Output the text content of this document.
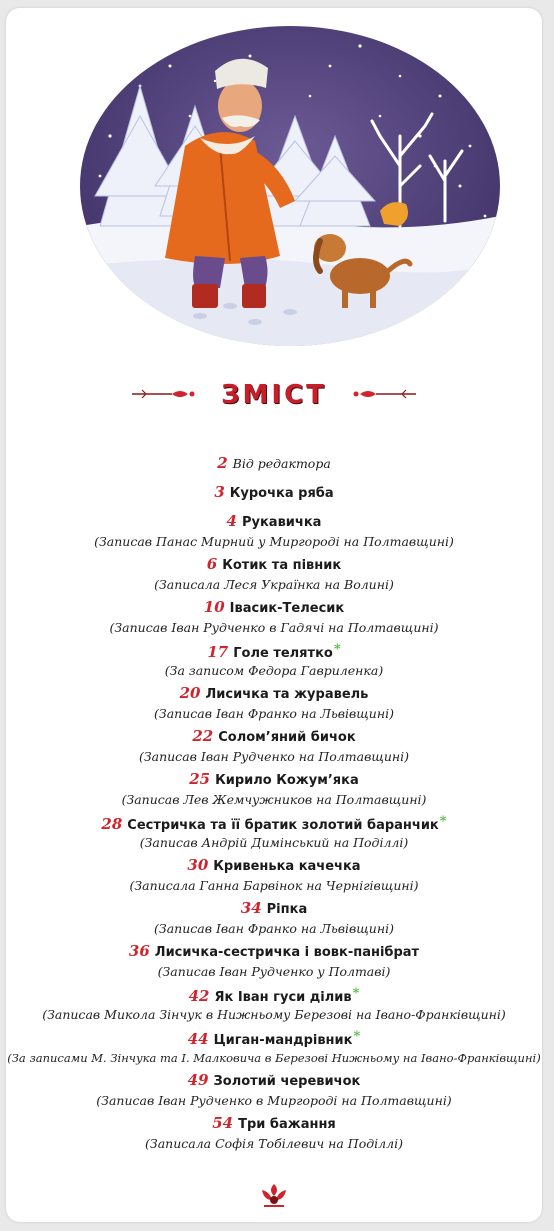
ЗМІСТ
2 Від редактора
3 Курочка ряба
4 Рукавичка
(Записав Панас Мирний у Миргороді на Полтавщині)
6 Котик та півник
(Записала Леся Українка на Волині)
10 Івасик-Телесик
(Записав Іван Рудченко в Гадячі на Полтавщині)
17 Голе телятко*
(За записом Федора Гавриленка)
20 Лисичка та журавель
(Записав Іван Франко на Львівщині)
22 Солом’яний бичок
(Записав Іван Рудченко на Полтавщині)
25 Кирило Кожум’яка
(Записав Лев Жемчужников на Полтавщині)
28 Сестричка та її братик золотий баранчик*
(Записав Андрій Димінський на Поділлі)
30 Кривенька качечка
(Записала Ганна Барвінок на Чернігівщині)
34 Ріпка
(Записав Іван Франко на Львівщині)
36 Лисичка-сестричка і вовк-панібрат
(Записав Іван Рудченко у Полтаві)
42 Як Іван гуси ділив*
(Записав Микола Зінчук в Нижньому Березові на Івано-Франківщині)
44 Циган-мандрівник*
(За записами М. Зінчука та І. Малковича в Березові Нижньому на Івано-Франківщині)
49 Золотий черевичок
(Записав Іван Рудченко в Миргороді на Полтавщині)
54 Три бажання
(Записала Софія Тобілевич на Поділлі)
